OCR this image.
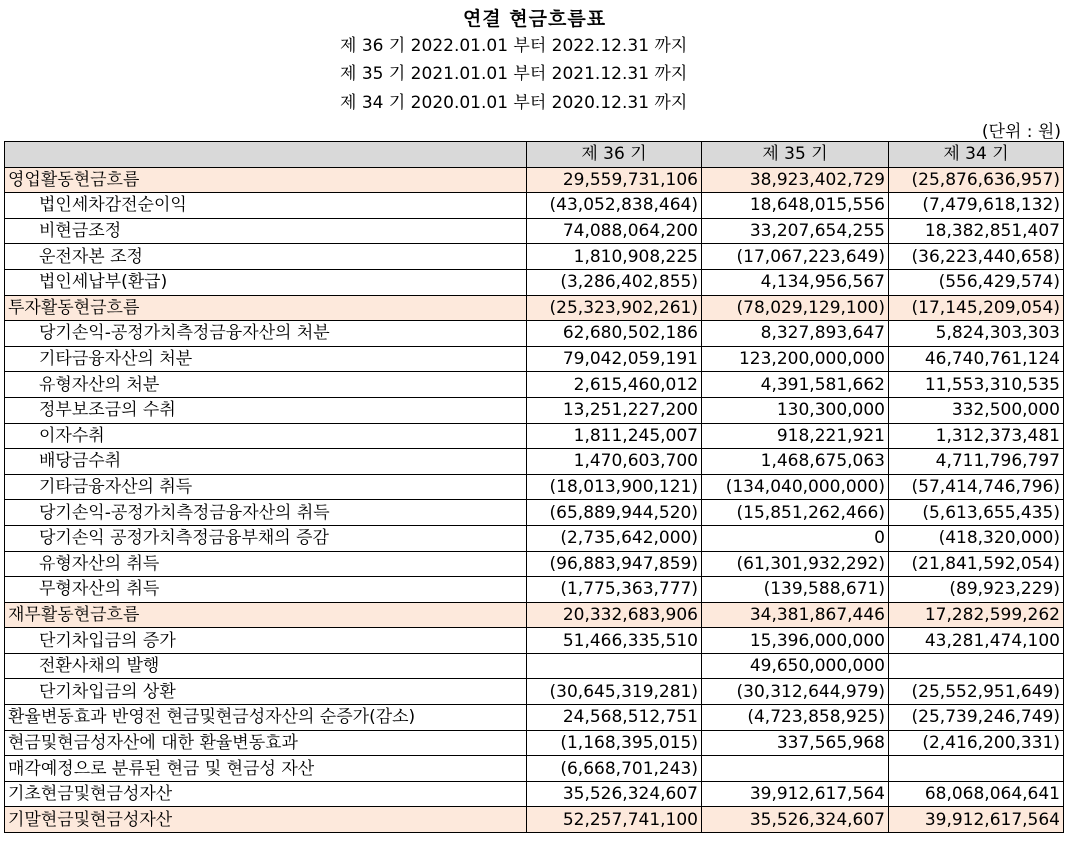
연결 현금흐름표
제 36 기 2022.01.01 부터 2022.12.31 까지
제 35 기 2021.01.01 부터 2021.12.31 까지
제 34 기 2020.01.01 부터 2020.12.31 까지
(단위 : 원)
	제 36 기	제 35 기	제 34 기
영업활동현금흐름	29,559,731,106	38,923,402,729	(25,876,636,957)
법인세차감전순이익	(43,052,838,464)	18,648,015,556	(7,479,618,132)
비현금조정	74,088,064,200	33,207,654,255	18,382,851,407
운전자본 조정	1,810,908,225	(17,067,223,649)	(36,223,440,658)
법인세납부(환급)	(3,286,402,855)	4,134,956,567	(556,429,574)
투자활동현금흐름	(25,323,902,261)	(78,029,129,100)	(17,145,209,054)
당기손익-공정가치측정금융자산의 처분	62,680,502,186	8,327,893,647	5,824,303,303
기타금융자산의 처분	79,042,059,191	123,200,000,000	46,740,761,124
유형자산의 처분	2,615,460,012	4,391,581,662	11,553,310,535
정부보조금의 수취	13,251,227,200	130,300,000	332,500,000
이자수취	1,811,245,007	918,221,921	1,312,373,481
배당금수취	1,470,603,700	1,468,675,063	4,711,796,797
기타금융자산의 취득	(18,013,900,121)	(134,040,000,000)	(57,414,746,796)
당기손익-공정가치측정금융자산의 취득	(65,889,944,520)	(15,851,262,466)	(5,613,655,435)
당기손익 공정가치측정금융부채의 증감	(2,735,642,000)	0	(418,320,000)
유형자산의 취득	(96,883,947,859)	(61,301,932,292)	(21,841,592,054)
무형자산의 취득	(1,775,363,777)	(139,588,671)	(89,923,229)
재무활동현금흐름	20,332,683,906	34,381,867,446	17,282,599,262
단기차입금의 증가	51,466,335,510	15,396,000,000	43,281,474,100
전환사채의 발행		49,650,000,000	
단기차입금의 상환	(30,645,319,281)	(30,312,644,979)	(25,552,951,649)
환율변동효과 반영전 현금및현금성자산의 순증가(감소)	24,568,512,751	(4,723,858,925)	(25,739,246,749)
현금및현금성자산에 대한 환율변동효과	(1,168,395,015)	337,565,968	(2,416,200,331)
매각예정으로 분류된 현금 및 현금성 자산	(6,668,701,243)		
기초현금및현금성자산	35,526,324,607	39,912,617,564	68,068,064,641
기말현금및현금성자산	52,257,741,100	35,526,324,607	39,912,617,564
